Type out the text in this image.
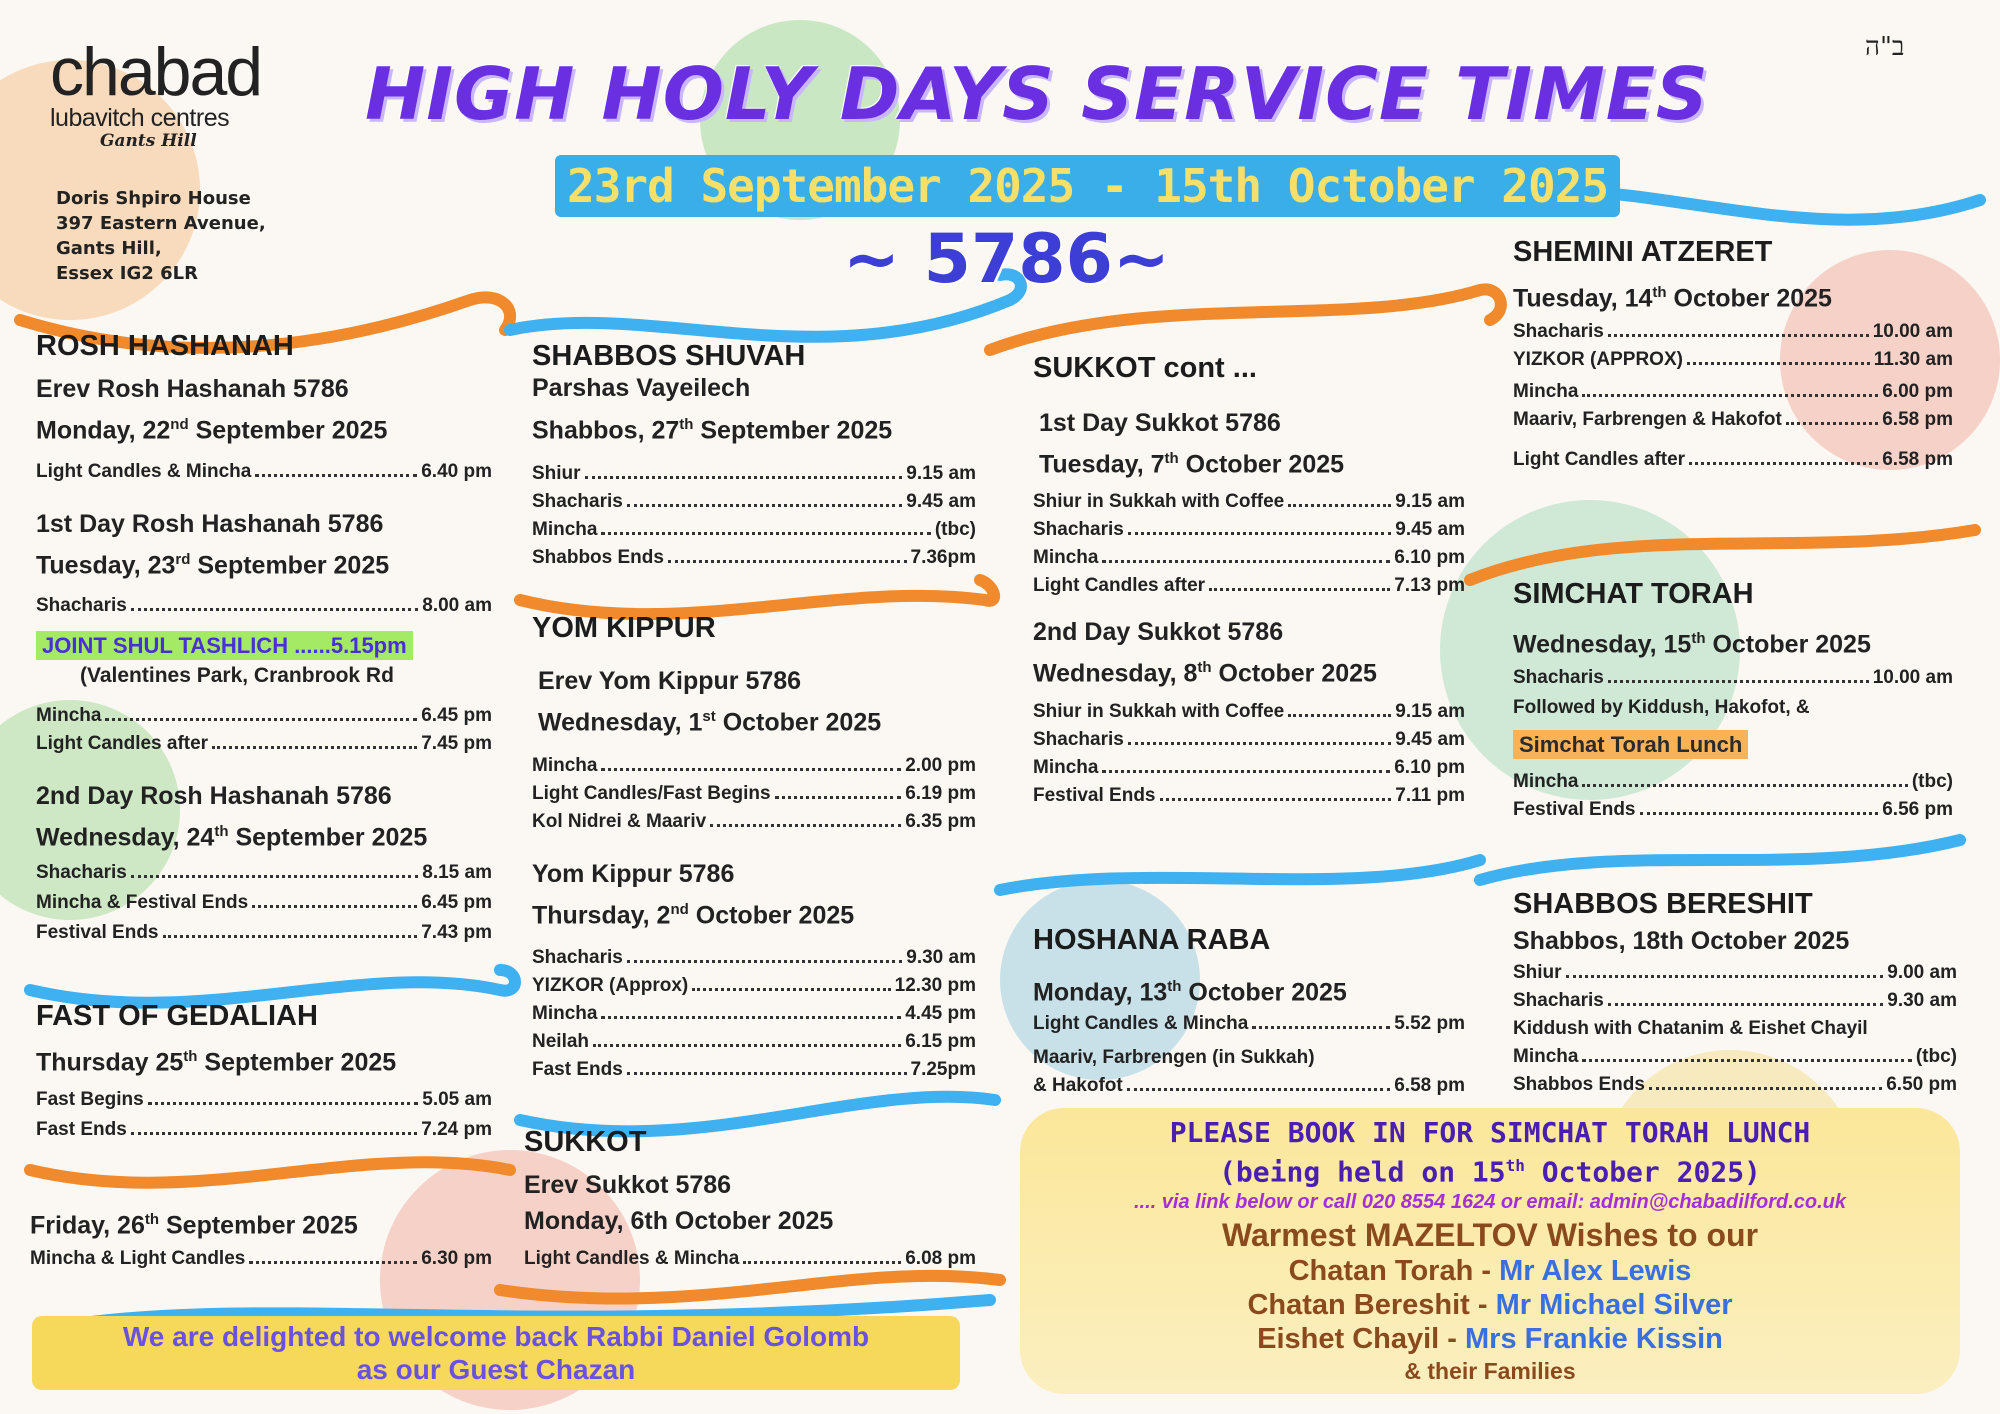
chabad
lubavitch centres
Gants Hill
Doris Shpiro House
397 Eastern Avenue,
Gants Hill,
Essex IG2 6LR
ב"ה
HIGH HOLY DAYS SERVICE TIMES
23rd September 2025 - 15th October 2025
~ 5786~
ROSH HASHANAH
Erev Rosh Hashanah 5786
Monday, 22nd September 2025
Light Candles & Mincha	6.40 pm
1st Day Rosh Hashanah 5786
Tuesday, 23rd September 2025
Shacharis	8.00 am
JOINT SHUL TASHLICH ......5.15pm
(Valentines Park, Cranbrook Rd
Mincha	6.45 pm
Light Candles after	7.45 pm
2nd Day Rosh Hashanah 5786
Wednesday, 24th September 2025
Shacharis	8.15 am
Mincha & Festival Ends	6.45 pm
Festival Ends	7.43 pm
FAST OF GEDALIAH
Thursday 25th September 2025
Fast Begins	5.05 am
Fast Ends	7.24 pm
Friday, 26th September 2025
Mincha & Light Candles	6.30 pm
We are delighted to welcome back Rabbi Daniel Golomb
as our Guest Chazan
SHABBOS SHUVAH
Parshas Vayeilech
Shabbos, 27th September 2025
Shiur	9.15 am
Shacharis	9.45 am
Mincha	(tbc)
Shabbos Ends	7.36pm
YOM KIPPUR
Erev Yom Kippur 5786
Wednesday, 1st October 2025
Mincha	2.00 pm
Light Candles/Fast Begins	6.19 pm
Kol Nidrei & Maariv	6.35 pm
Yom Kippur 5786
Thursday, 2nd October 2025
Shacharis	9.30 am
YIZKOR (Approx)	12.30 pm
Mincha	4.45 pm
Neilah	6.15 pm
Fast Ends	7.25pm
SUKKOT
Erev Sukkot 5786
Monday, 6th October 2025
Light Candles & Mincha	6.08 pm
SUKKOT cont ...
1st Day Sukkot 5786
Tuesday, 7th October 2025
Shiur in Sukkah with Coffee	9.15 am
Shacharis	9.45 am
Mincha	6.10 pm
Light Candles after	7.13 pm
2nd Day Sukkot 5786
Wednesday, 8th October 2025
Shiur in Sukkah with Coffee	9.15 am
Shacharis	9.45 am
Mincha	6.10 pm
Festival Ends	7.11 pm
HOSHANA RABA
Monday, 13th October 2025
Light Candles & Mincha	5.52 pm
Maariv, Farbrengen (in Sukkah)
& Hakofot	6.58 pm
SHEMINI ATZERET
Tuesday, 14th October 2025
Shacharis	10.00 am
YIZKOR (APPROX)	11.30 am
Mincha	6.00 pm
Maariv, Farbrengen & Hakofot	6.58 pm
Light Candles after	6.58 pm
SIMCHAT TORAH
Wednesday, 15th October 2025
Shacharis	10.00 am
Followed by Kiddush, Hakofot, &
Simchat Torah Lunch
Mincha	(tbc)
Festival Ends	6.56 pm
SHABBOS BERESHIT
Shabbos, 18th October 2025
Shiur	9.00 am
Shacharis	9.30 am
Kiddush with Chatanim & Eishet Chayil
Mincha	(tbc)
Shabbos Ends	6.50 pm
PLEASE BOOK IN FOR SIMCHAT TORAH LUNCH
(being held on 15th October 2025)
.... via link below or call 020 8554 1624 or email: admin@chabadilford.co.uk
Warmest MAZELTOV Wishes to our
Chatan Torah - Mr Alex Lewis
Chatan Bereshit - Mr Michael Silver
Eishet Chayil - Mrs Frankie Kissin
& their Families
